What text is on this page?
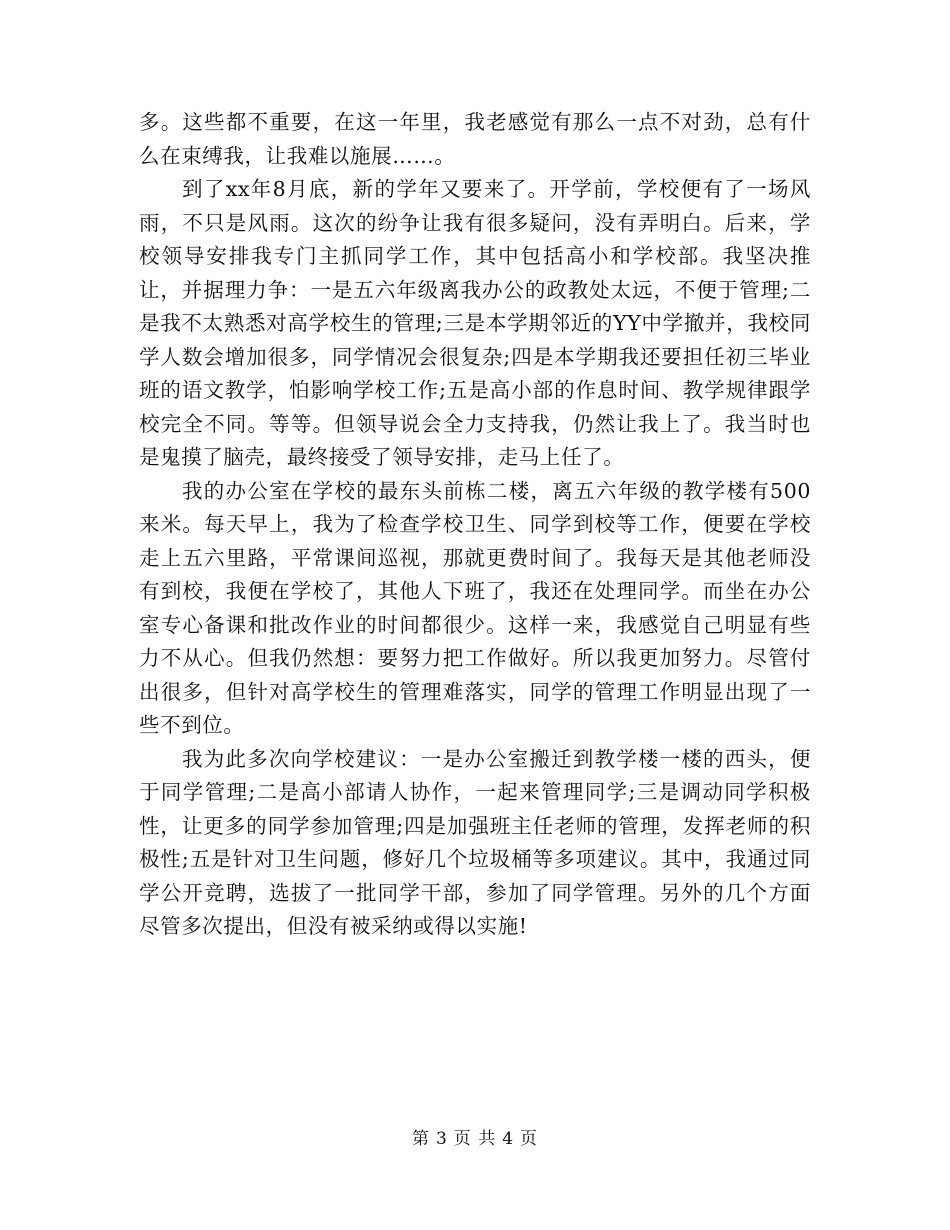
多。这些都不重要，在这一年里，我老感觉有那么一点不对劲，总有什么在束缚我，让我难以施展……。

到了xx年8月底，新的学年又要来了。开学前，学校便有了一场风雨，不只是风雨。这次的纷争让我有很多疑问，没有弄明白。后来，学校领导安排我专门主抓同学工作，其中包括高小和学校部。我坚决推让，并据理力争：一是五六年级离我办公的政教处太远，不便于管理;二是我不太熟悉对高学校生的管理;三是本学期邻近的YY中学撤并，我校同学人数会增加很多，同学情况会很复杂;四是本学期我还要担任初三毕业班的语文教学，怕影响学校工作;五是高小部的作息时间、教学规律跟学校完全不同。等等。但领导说会全力支持我，仍然让我上了。我当时也是鬼摸了脑壳，最终接受了领导安排，走马上任了。

我的办公室在学校的最东头前栋二楼，离五六年级的教学楼有500来米。每天早上，我为了检查学校卫生、同学到校等工作，便要在学校走上五六里路，平常课间巡视，那就更费时间了。我每天是其他老师没有到校，我便在学校了，其他人下班了，我还在处理同学。而坐在办公室专心备课和批改作业的时间都很少。这样一来，我感觉自己明显有些力不从心。但我仍然想：要努力把工作做好。所以我更加努力。尽管付出很多，但针对高学校生的管理难落实，同学的管理工作明显出现了一些不到位。

我为此多次向学校建议：一是办公室搬迁到教学楼一楼的西头，便于同学管理;二是高小部请人协作，一起来管理同学;三是调动同学积极性，让更多的同学参加管理;四是加强班主任老师的管理，发挥老师的积极性;五是针对卫生问题，修好几个垃圾桶等多项建议。其中，我通过同学公开竞聘，选拔了一批同学干部，参加了同学管理。另外的几个方面尽管多次提出，但没有被采纳或得以实施!

第 3 页 共 4 页
